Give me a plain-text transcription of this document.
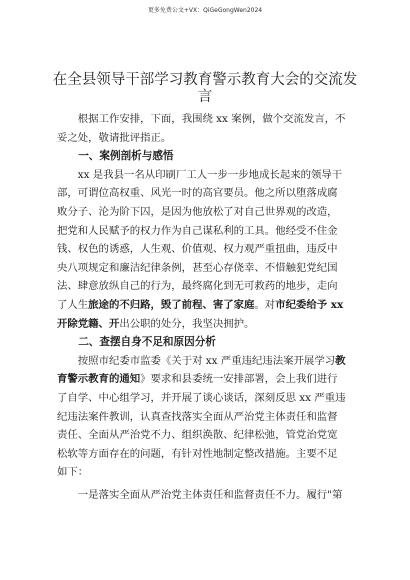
更多免费公文+VX：QiGeGongWen2024
在全县领导干部学习教育警示教育大会的交流发言

根据工作安排，下面，我围绕 xx 案例，做个交流发言，不妥之处，敬请批评指正。

一、案例剖析与感悟

xx 是我县一名从印刷厂工人一步一步地成长起来的领导干部，可谓位高权重、风光一时的高官要员。他之所以堕落成腐败分子、沦为阶下囚，是因为他放松了对自己世界观的改造，把党和人民赋予的权力作为自己谋私利的工具。他经受不住金钱、权色的诱惑，人生观、价值观、权力观严重扭曲，违反中央八项规定和廉洁纪律条例，甚至心存侥幸、不惜触犯党纪国法、肆意放纵自己的行为，最终腐化到无可救药的地步，走向了人生旅途的不归路，毁了前程、害了家庭。对市纪委给予 xx 开除党籍、开出公职的处分，我坚决拥护。

二、查摆自身不足和原因分析

按照市纪委市监委《关于对 xx 严重违纪违法案开展学习教育警示教育的通知》要求和县委统一安排部署，会上我们进行了自学、中心组学习，并开展了谈心谈话，深刻反思 xx 严重违纪违法案件教训，认真查找落实全面从严治党主体责任和监督责任、全面从严治党不力、组织涣散、纪律松弛，管党治党宽松软等方面存在的问题，有针对性地制定整改措施。主要不足如下：

一是落实全面从严治党主体责任和监督责任不力。履行"第
